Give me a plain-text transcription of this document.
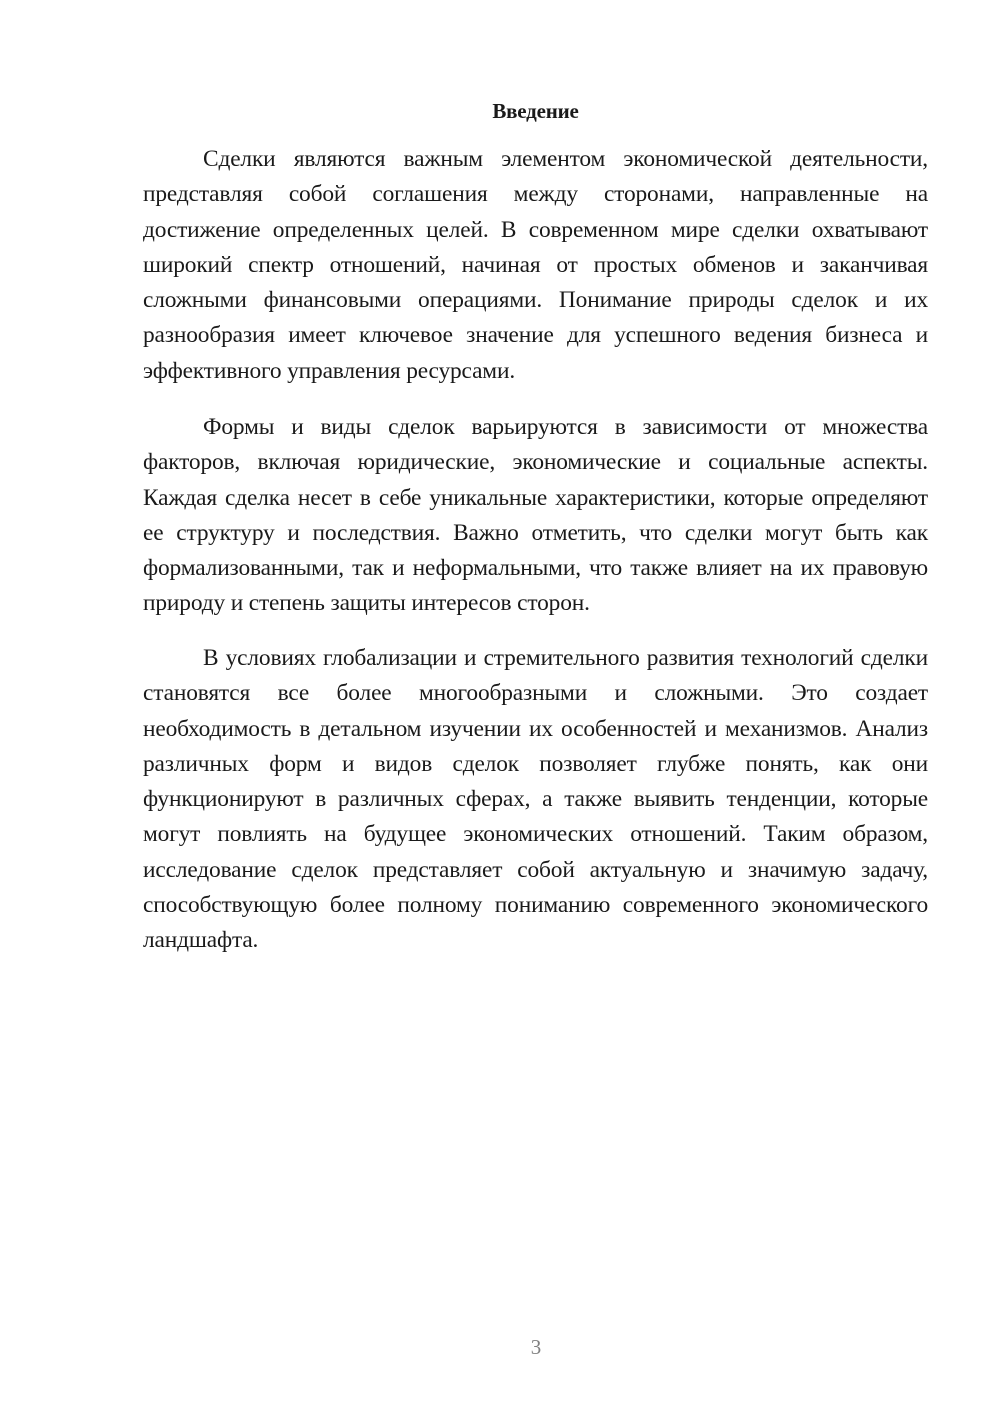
Введение

Сделки являются важным элементом экономической деятельности, представляя собой соглашения между сторонами, направленные на достижение определенных целей. В современном мире сделки охватывают широкий спектр отношений, начиная от простых обменов и заканчивая сложными финансовыми операциями. Понимание природы сделок и их разнообразия имеет ключевое значение для успешного ведения бизнеса и эффективного управления ресурсами.

Формы и виды сделок варьируются в зависимости от множества факторов, включая юридические, экономические и социальные аспекты. Каждая сделка несет в себе уникальные характеристики, которые определяют ее структуру и последствия. Важно отметить, что сделки могут быть как формализованными, так и неформальными, что также влияет на их правовую природу и степень защиты интересов сторон.

В условиях глобализации и стремительного развития технологий сделки становятся все более многообразными и сложными. Это создает необходимость в детальном изучении их особенностей и механизмов. Анализ различных форм и видов сделок позволяет глубже понять, как они функционируют в различных сферах, а также выявить тенденции, которые могут повлиять на будущее экономических отношений. Таким образом, исследование сделок представляет собой актуальную и значимую задачу, способствующую более полному пониманию современного экономического ландшафта.

3
